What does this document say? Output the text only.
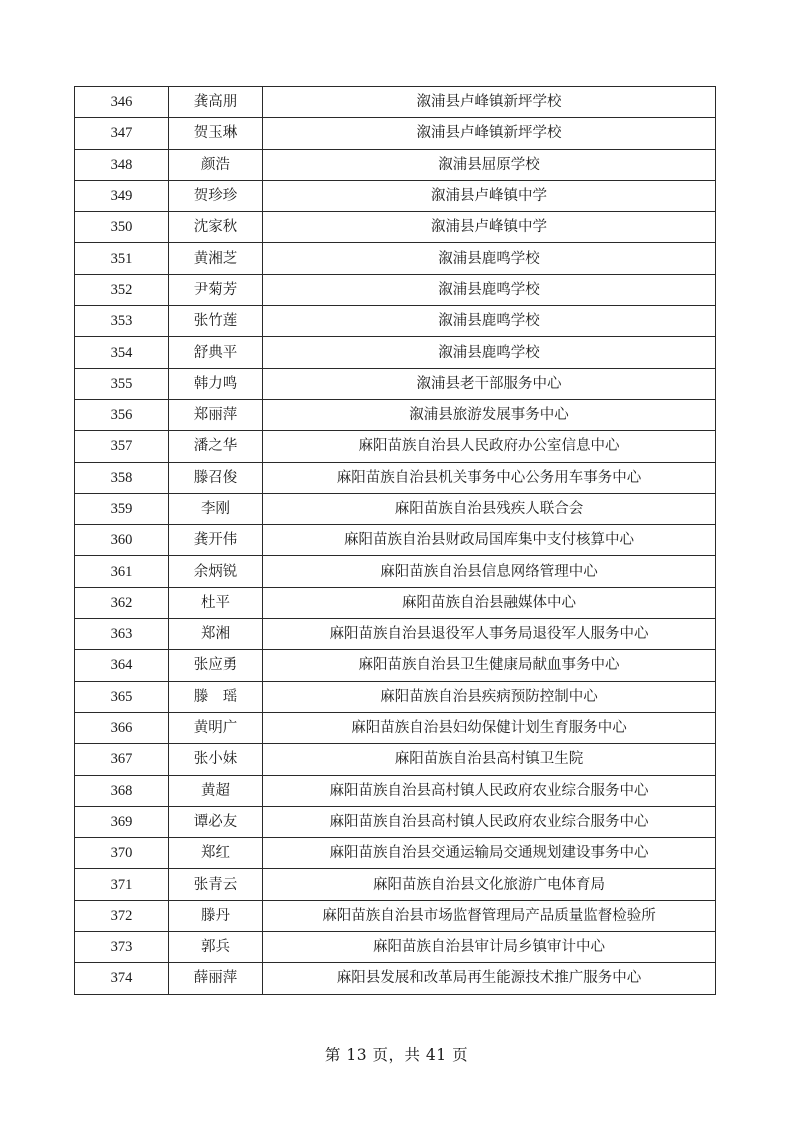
346	龚高朋	溆浦县卢峰镇新坪学校
347	贺玉琳	溆浦县卢峰镇新坪学校
348	颜浩	溆浦县屈原学校
349	贺珍珍	溆浦县卢峰镇中学
350	沈家秋	溆浦县卢峰镇中学
351	黄湘芝	溆浦县鹿鸣学校
352	尹菊芳	溆浦县鹿鸣学校
353	张竹莲	溆浦县鹿鸣学校
354	舒典平	溆浦县鹿鸣学校
355	韩力鸣	溆浦县老干部服务中心
356	郑丽萍	溆浦县旅游发展事务中心
357	潘之华	麻阳苗族自治县人民政府办公室信息中心
358	滕召俊	麻阳苗族自治县机关事务中心公务用车事务中心
359	李刚	麻阳苗族自治县残疾人联合会
360	龚开伟	麻阳苗族自治县财政局国库集中支付核算中心
361	余炳锐	麻阳苗族自治县信息网络管理中心
362	杜平	麻阳苗族自治县融媒体中心
363	郑湘	麻阳苗族自治县退役军人事务局退役军人服务中心
364	张应勇	麻阳苗族自治县卫生健康局献血事务中心
365	滕　瑶	麻阳苗族自治县疾病预防控制中心
366	黄明广	麻阳苗族自治县妇幼保健计划生育服务中心
367	张小妹	麻阳苗族自治县高村镇卫生院
368	黄超	麻阳苗族自治县高村镇人民政府农业综合服务中心
369	谭必友	麻阳苗族自治县高村镇人民政府农业综合服务中心
370	郑红	麻阳苗族自治县交通运输局交通规划建设事务中心
371	张青云	麻阳苗族自治县文化旅游广电体育局
372	滕丹	麻阳苗族自治县市场监督管理局产品质量监督检验所
373	郭兵	麻阳苗族自治县审计局乡镇审计中心
374	薛丽萍	麻阳县发展和改革局再生能源技术推广服务中心
第 13 页，共 41 页
